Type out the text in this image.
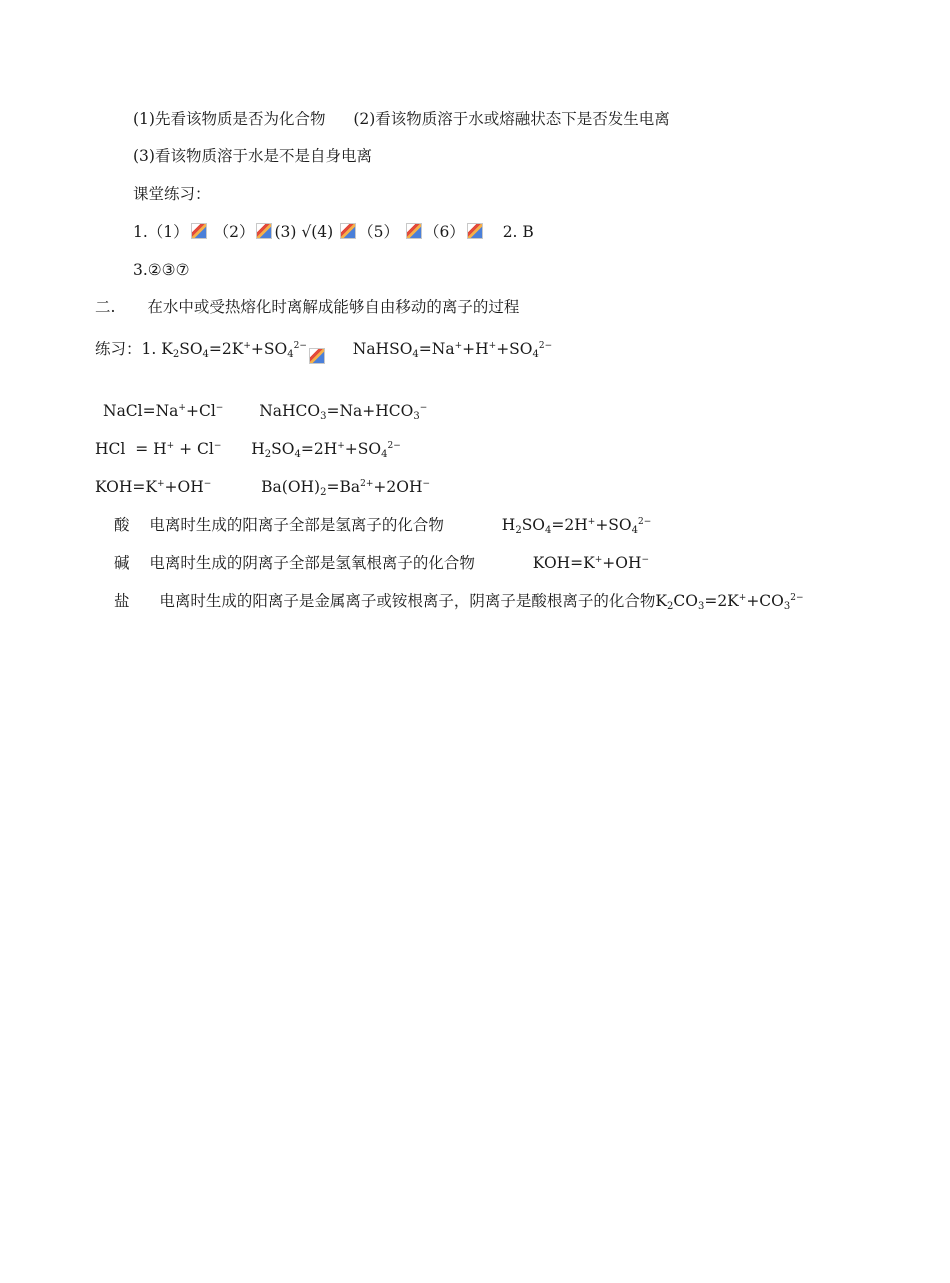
(1)先看该物质是否为化合物 (2)看该物质溶于水或熔融状态下是否发生电离
(3)看该物质溶于水是不是自身电离
课堂练习：
1.（1） （2） (3) √(4) （5） （6） 2. B
3.②③⑦
二. 在水中或受热熔化时离解成能够自由移动的离子的过程
练习：1. $K_2SO_4=2K^++SO_4^{2-}$	$NaHSO_4=Na^++H^++SO_4^{2-}$
NaCl=Na++Cl− $NaHCO_3=Na+HCO_3^-$
HCl  = H+ + Cl− $H_2SO_4=2H^++SO_4^{2-}$
KOH=K++OH−	$Ba(OH)_2=Ba^{2+}+2OH^-$
酸 电离时生成的阳离子全部是氢离子的化合物	$H_2SO_4=2H^++SO_4^{2-}$
碱 电离时生成的阴离子全部是氢氧根离子的化合物	KOH=K++OH−
盐 电离时生成的阳离子是金属离子或铵根离子，阴离子是酸根离子的化合物$K_2CO_3=2K^++CO_3^{2-}$
